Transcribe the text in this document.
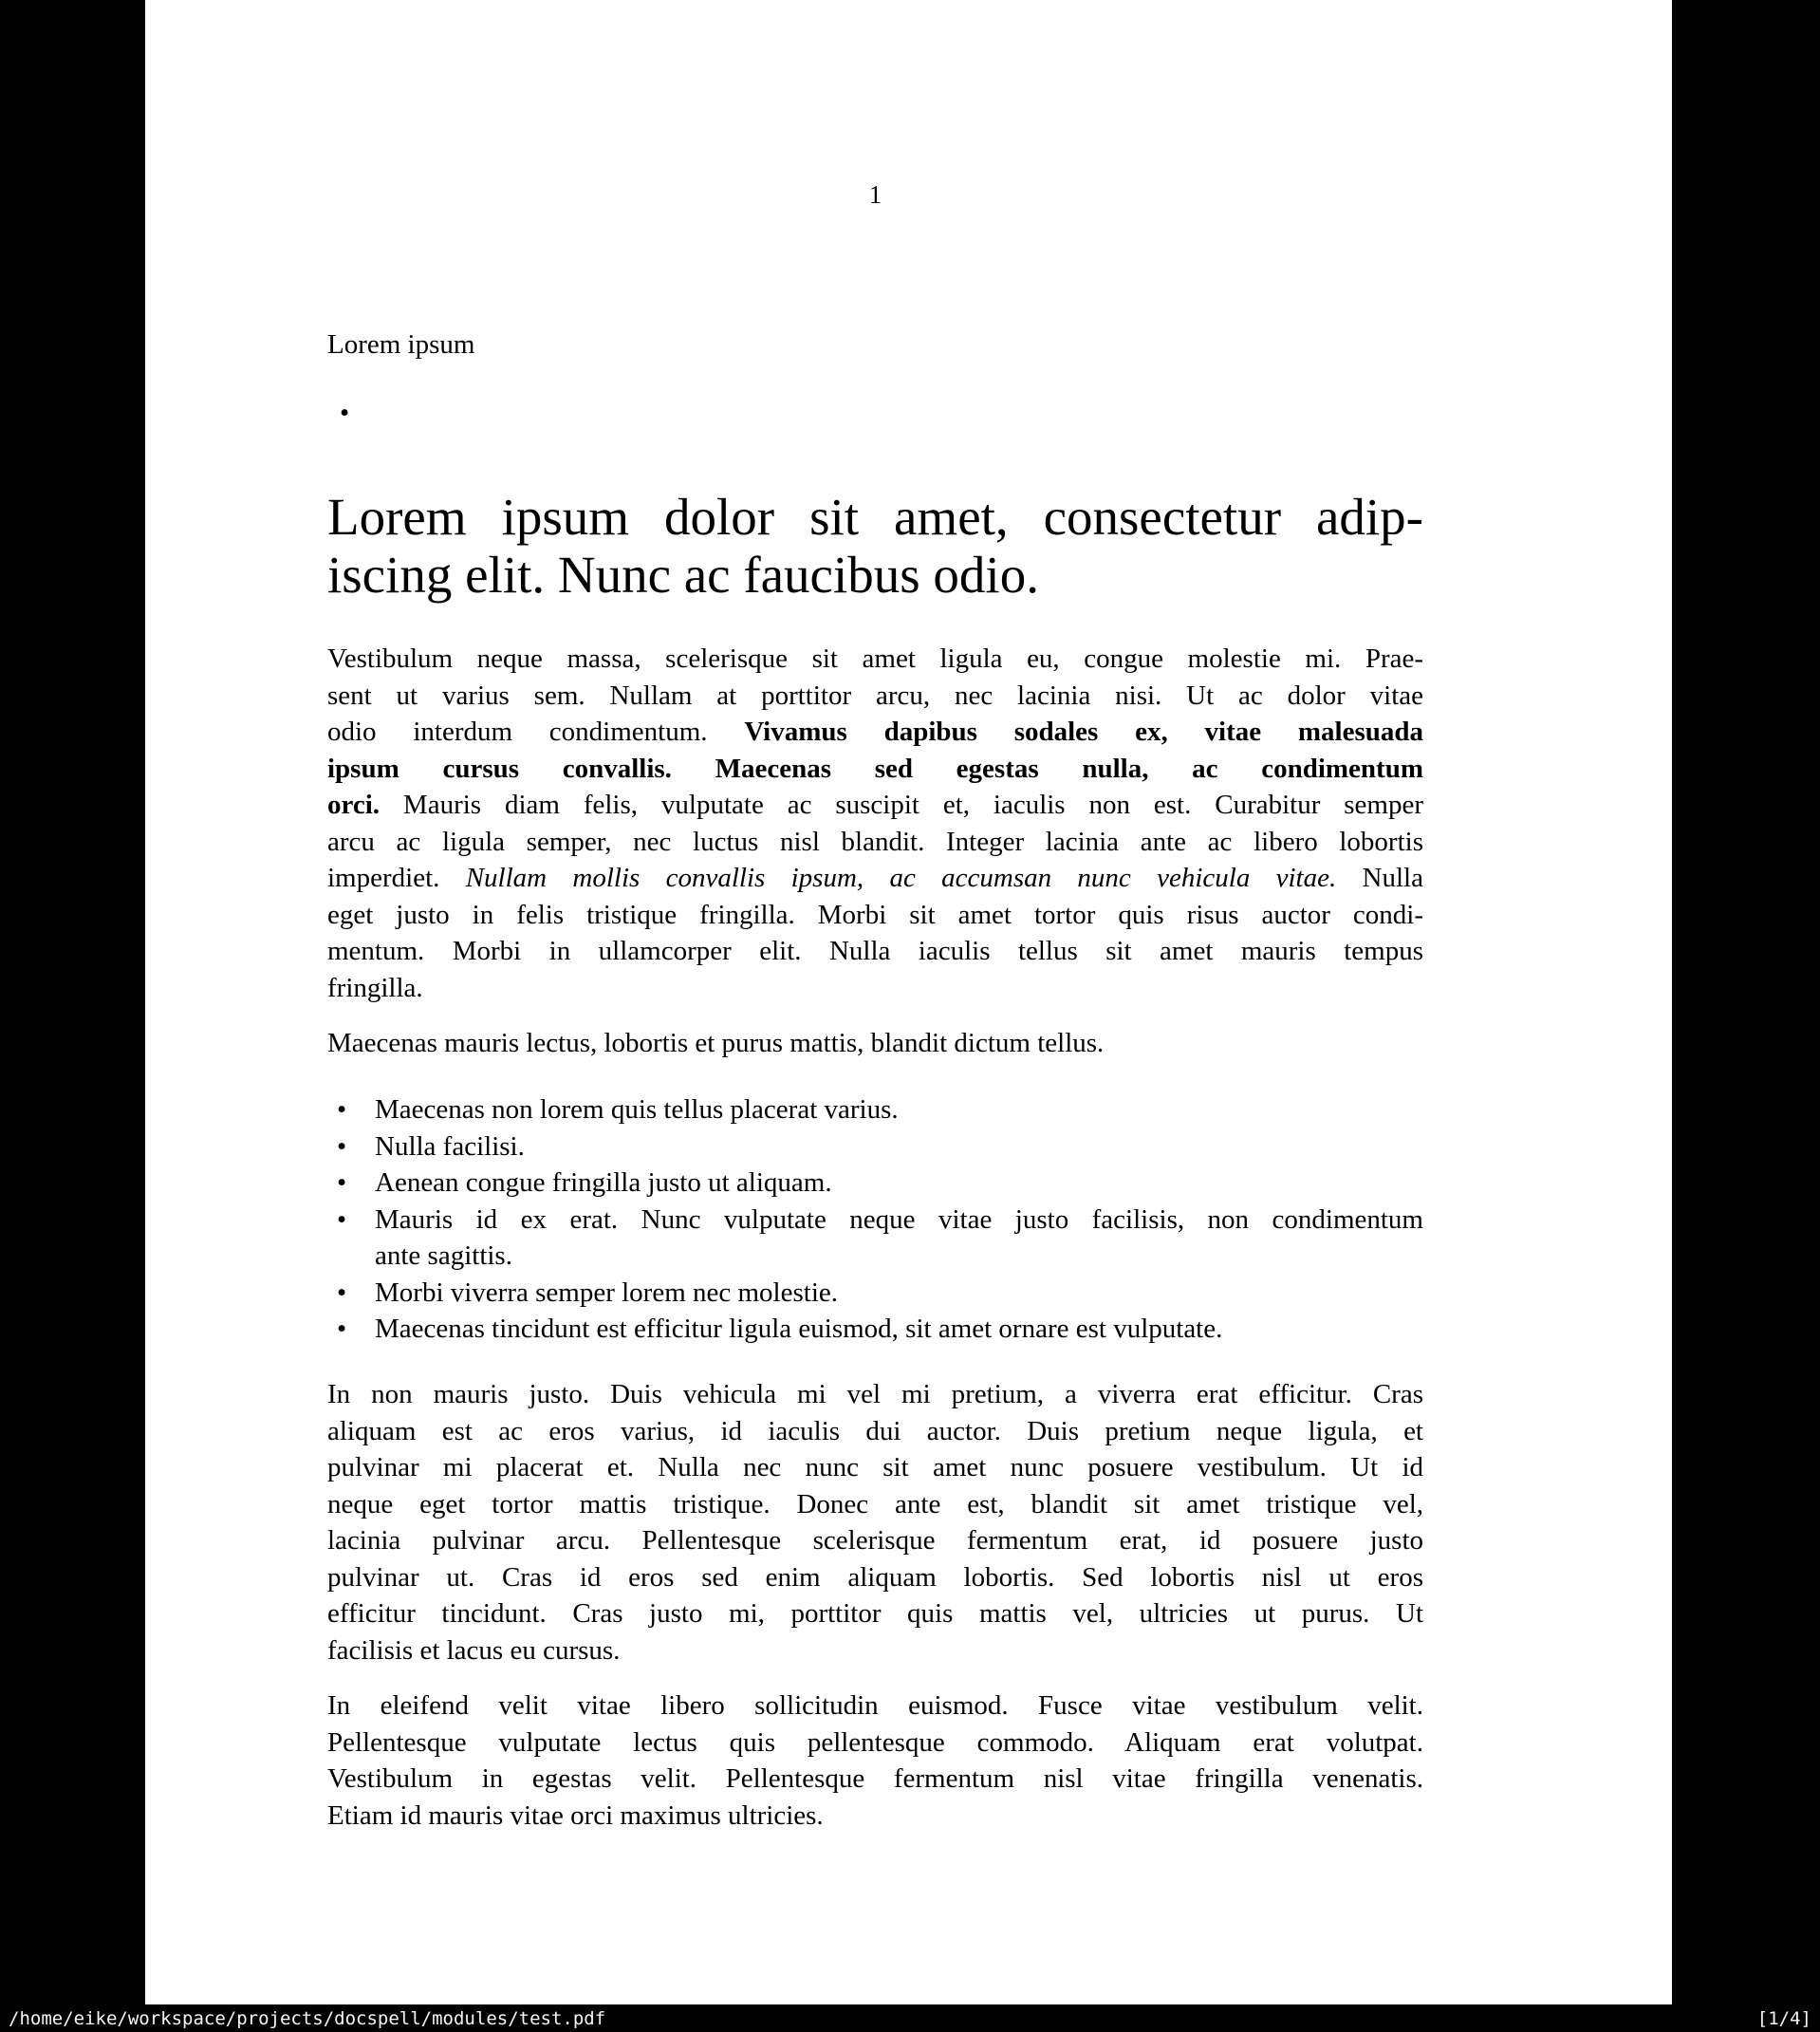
1
Lorem ipsum
•
Lorem ipsum dolor sit amet, consectetur adip-
iscing elit. Nunc ac faucibus odio.
Vestibulum neque massa, scelerisque sit amet ligula eu, congue molestie mi. Prae-
sent ut varius sem. Nullam at porttitor arcu, nec lacinia nisi. Ut ac dolor vitae
odio interdum condimentum. Vivamus dapibus sodales ex, vitae malesuada
ipsum cursus convallis. Maecenas sed egestas nulla, ac condimentum
orci. Mauris diam felis, vulputate ac suscipit et, iaculis non est. Curabitur semper
arcu ac ligula semper, nec luctus nisl blandit. Integer lacinia ante ac libero lobortis
imperdiet. Nullam mollis convallis ipsum, ac accumsan nunc vehicula vitae. Nulla
eget justo in felis tristique fringilla. Morbi sit amet tortor quis risus auctor condi-
mentum. Morbi in ullamcorper elit. Nulla iaculis tellus sit amet mauris tempus
fringilla.
Maecenas mauris lectus, lobortis et purus mattis, blandit dictum tellus.
• Maecenas non lorem quis tellus placerat varius.
• Nulla facilisi.
• Aenean congue fringilla justo ut aliquam.
• Mauris id ex erat. Nunc vulputate neque vitae justo facilisis, non condimentum
ante sagittis.
• Morbi viverra semper lorem nec molestie.
• Maecenas tincidunt est efficitur ligula euismod, sit amet ornare est vulputate.
In non mauris justo. Duis vehicula mi vel mi pretium, a viverra erat efficitur. Cras
aliquam est ac eros varius, id iaculis dui auctor. Duis pretium neque ligula, et
pulvinar mi placerat et. Nulla nec nunc sit amet nunc posuere vestibulum. Ut id
neque eget tortor mattis tristique. Donec ante est, blandit sit amet tristique vel,
lacinia pulvinar arcu. Pellentesque scelerisque fermentum erat, id posuere justo
pulvinar ut. Cras id eros sed enim aliquam lobortis. Sed lobortis nisl ut eros
efficitur tincidunt. Cras justo mi, porttitor quis mattis vel, ultricies ut purus. Ut
facilisis et lacus eu cursus.
In eleifend velit vitae libero sollicitudin euismod. Fusce vitae vestibulum velit.
Pellentesque vulputate lectus quis pellentesque commodo. Aliquam erat volutpat.
Vestibulum in egestas velit. Pellentesque fermentum nisl vitae fringilla venenatis.
Etiam id mauris vitae orci maximus ultricies.
/home/eike/workspace/projects/docspell/modules/test.pdf	[1/4]
